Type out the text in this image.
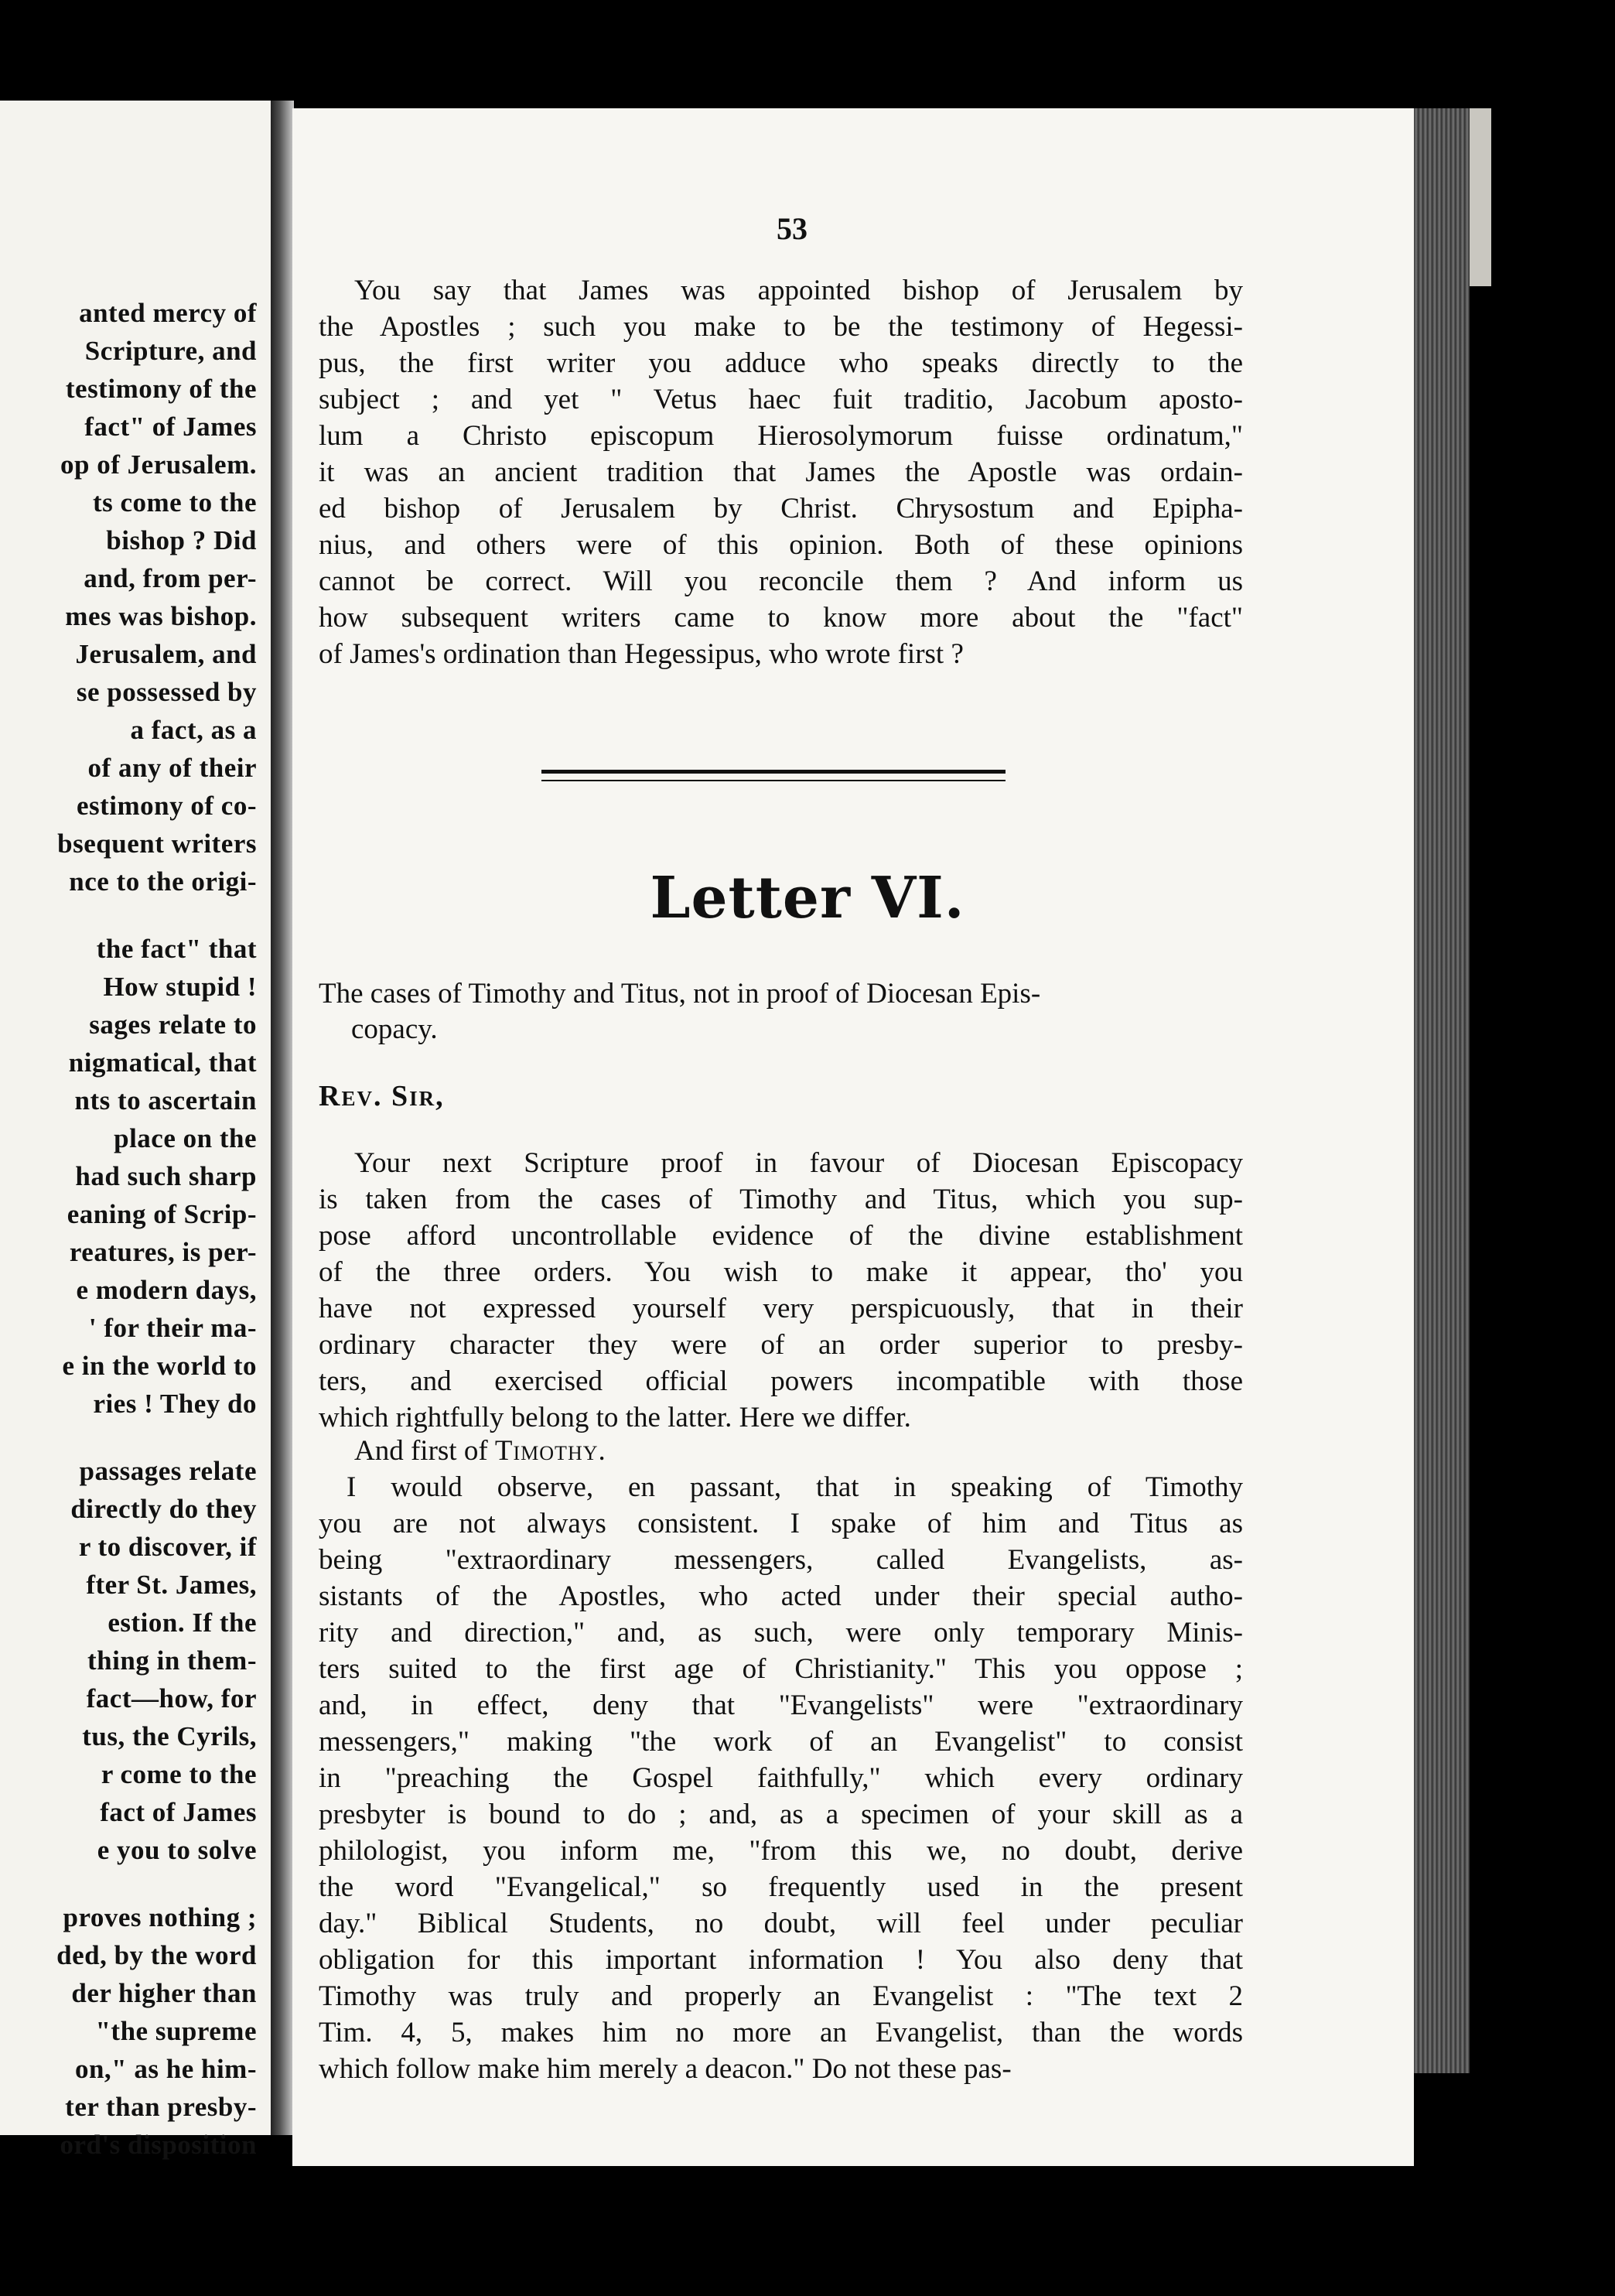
anted mercy of
Scripture, and
testimony of the
fact" of James
op of Jerusalem.
ts come to the
bishop ? Did
and, from per-
mes was bishop.
Jerusalem, and
se possessed by
a fact, as a
of any of their
estimony of co-
bsequent writers
nce to the origi-
the fact" that
How stupid !
sages relate to
nigmatical, that
nts to ascertain
place on the
had such sharp
eaning of Scrip-
reatures, is per-
e modern days,
' for their ma-
e in the world to
ries ! They do
passages relate
directly do they
r to discover, if
fter St. James,
estion. If the
thing in them-
fact—how, for
tus, the Cyrils,
r come to the
fact of James
e you to solve
proves nothing ;
ded, by the word
der higher than
"the supreme
on," as he him-
ter than presby-
ord's disposition
53
You say that James was appointed bishop of Jerusalem by
the Apostles ; such you make to be the testimony of Hegessi-
pus, the first writer you adduce who speaks directly to the
subject ; and yet " Vetus haec fuit traditio, Jacobum aposto-
lum a Christo episcopum Hierosolymorum fuisse ordinatum,"
it was an ancient tradition that James the Apostle was ordain-
ed bishop of Jerusalem by Christ. Chrysostum and Epipha-
nius, and others were of this opinion. Both of these opinions
cannot be correct. Will you reconcile them ? And inform us
how subsequent writers came to know more about the "fact"
of James's ordination than Hegessipus, who wrote first ?
Letter VI.
The cases of Timothy and Titus, not in proof of Diocesan Epis-
copacy.
Rev. Sir,
Your next Scripture proof in favour of Diocesan Episcopacy
is taken from the cases of Timothy and Titus, which you sup-
pose afford uncontrollable evidence of the divine establishment
of the three orders. You wish to make it appear, tho' you
have not expressed yourself very perspicuously, that in their
ordinary character they were of an order superior to presby-
ters, and exercised official powers incompatible with those
which rightfully belong to the latter. Here we differ.
And first of Timothy.
I would observe, en passant, that in speaking of Timothy
you are not always consistent. I spake of him and Titus as
being "extraordinary messengers, called Evangelists, as-
sistants of the Apostles, who acted under their special autho-
rity and direction," and, as such, were only temporary Minis-
ters suited to the first age of Christianity." This you oppose ;
and, in effect, deny that "Evangelists" were "extraordinary
messengers," making "the work of an Evangelist" to consist
in "preaching the Gospel faithfully," which every ordinary
presbyter is bound to do ; and, as a specimen of your skill as a
philologist, you inform me, "from this we, no doubt, derive
the word "Evangelical," so frequently used in the present
day." Biblical Students, no doubt, will feel under peculiar
obligation for this important information ! You also deny that
Timothy was truly and properly an Evangelist : "The text 2
Tim. 4, 5, makes him no more an Evangelist, than the words
which follow make him merely a deacon." Do not these pas-
